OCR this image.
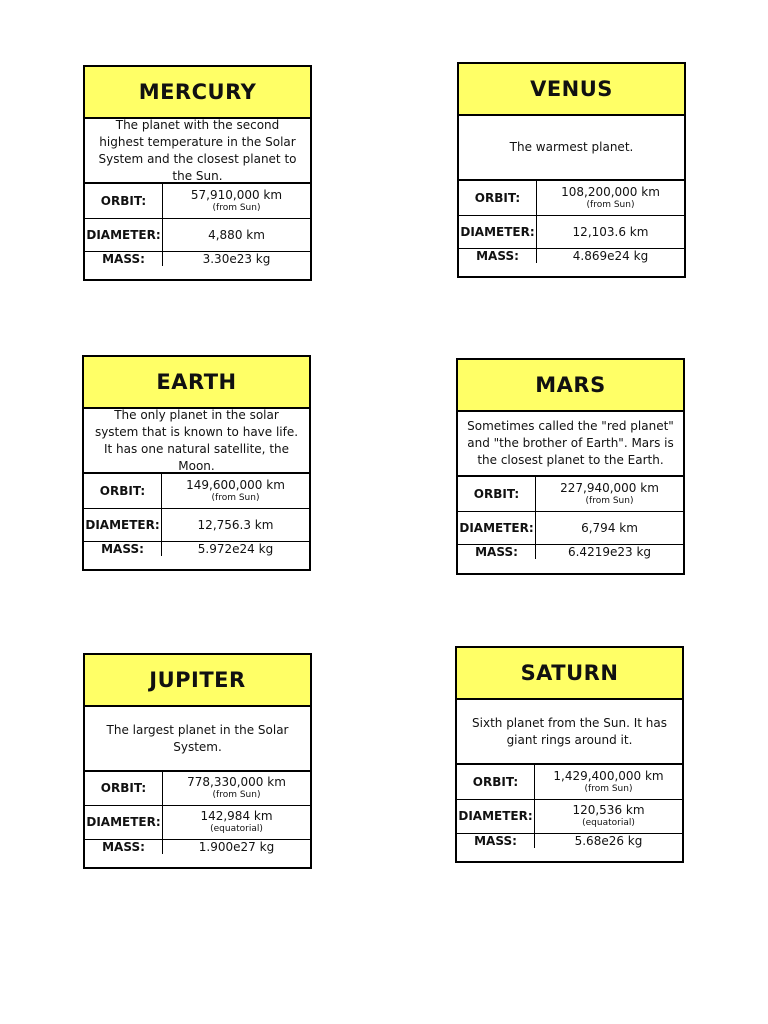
MERCURY
The planet with the second highest temperature in the Solar System and the closest planet to the Sun.
ORBIT:	57,910,000 km
(from Sun)

DIAMETER:	4,880 km

MASS:	3.30e23 kg
VENUS
The warmest planet.
ORBIT:	108,200,000 km
(from Sun)

DIAMETER:	12,103.6 km

MASS:	4.869e24 kg
EARTH
The only planet in the solar system that is known to have life. It has one natural satellite, the Moon.
ORBIT:	149,600,000 km
(from Sun)

DIAMETER:	12,756.3 km

MASS:	5.972e24 kg
MARS
Sometimes called the "red planet" and "the brother of Earth". Mars is the closest planet to the Earth.
ORBIT:	227,940,000 km
(from Sun)

DIAMETER:	6,794 km

MASS:	6.4219e23 kg
JUPITER
The largest planet in the Solar System.
ORBIT:	778,330,000 km
(from Sun)

DIAMETER:	142,984 km
(equatorial)

MASS:	1.900e27 kg
SATURN
Sixth planet from the Sun. It has giant rings around it.
ORBIT:	1,429,400,000 km
(from Sun)

DIAMETER:	120,536 km
(equatorial)

MASS:	5.68e26 kg
